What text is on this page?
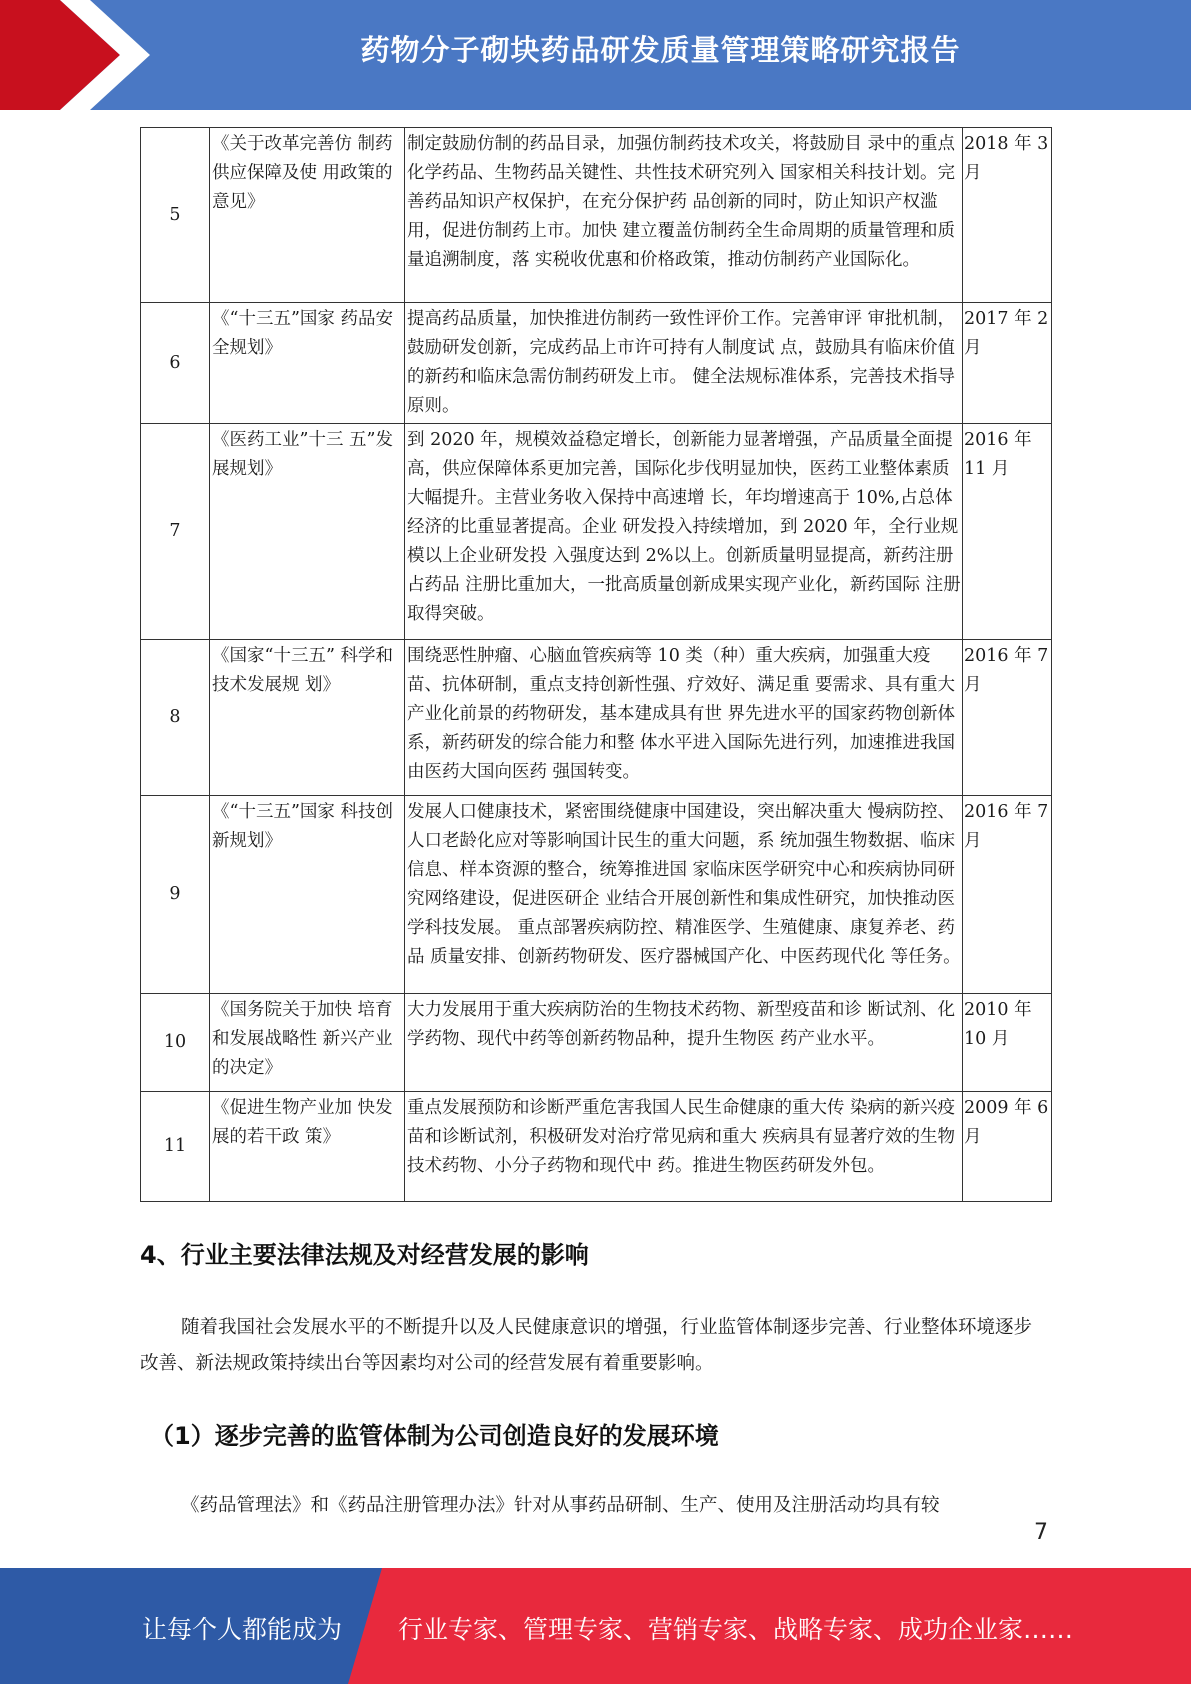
药物分子砌块药品研发质量管理策略研究报告
5	《关于改革完善仿 制药供应保障及使 用政策的意见》	制定鼓励仿制的药品目录，加强仿制药技术攻关，将鼓励目 录中的重点化学药品、生物药品关键性、共性技术研究列入 国家相关科技计划。完善药品知识产权保护，在充分保护药 品创新的同时，防止知识产权滥用，促进仿制药上市。加快 建立覆盖仿制药全生命周期的质量管理和质量追溯制度，落 实税收优惠和价格政策，推动仿制药产业国际化。	2018 年 3 月
6	《“十三五”国家 药品安全规划》	提高药品质量，加快推进仿制药一致性评价工作。完善审评 审批机制，鼓励研发创新，完成药品上市许可持有人制度试 点，鼓励具有临床价值的新药和临床急需仿制药研发上市。 健全法规标准体系，完善技术指导原则。	2017 年 2 月
7	《医药工业”十三 五”发展规划》	到 2020 年，规模效益稳定增长，创新能力显著增强，产品质量全面提高，供应保障体系更加完善，国际化步伐明显加快，医药工业整体素质大幅提升。主营业务收入保持中高速增 长，年均增速高于 10%,占总体经济的比重显著提高。企业 研发投入持续增加，到 2020 年，全行业规模以上企业研发投 入强度达到 2%以上。创新质量明显提高，新药注册占药品 注册比重加大，一批高质量创新成果实现产业化，新药国际 注册取得突破。	2016 年 11 月
8	《国家“十三五” 科学和技术发展规 划》	围绕恶性肿瘤、心脑血管疾病等 10 类（种）重大疾病，加强重大疫苗、抗体研制，重点支持创新性强、疗效好、满足重 要需求、具有重大产业化前景的药物研发，基本建成具有世 界先进水平的国家药物创新体系，新药研发的综合能力和整 体水平进入国际先进行列，加速推进我国由医药大国向医药 强国转变。	2016 年 7 月
9	《“十三五”国家 科技创新规划》	发展人口健康技术，紧密围绕健康中国建设，突出解决重大 慢病防控、人口老龄化应对等影响国计民生的重大问题，系 统加强生物数据、临床信息、样本资源的整合，统筹推进国 家临床医学研究中心和疾病协同研究网络建设，促进医研企 业结合开展创新性和集成性研究，加快推动医学科技发展。 重点部署疾病防控、精准医学、生殖健康、康复养老、药品 质量安排、创新药物研发、医疗器械国产化、中医药现代化 等任务。	2016 年 7 月
10	《国务院关于加快 培育和发展战略性 新兴产业的决定》	大力发展用于重大疾病防治的生物技术药物、新型疫苗和诊 断试剂、化学药物、现代中药等创新药物品种，提升生物医 药产业水平。	2010 年 10 月
11	《促进生物产业加 快发展的若干政 策》	重点发展预防和诊断严重危害我国人民生命健康的重大传 染病的新兴疫苗和诊断试剂，积极研发对治疗常见病和重大 疾病具有显著疗效的生物技术药物、小分子药物和现代中 药。推进生物医药研发外包。	2009 年 6 月
4、行业主要法律法规及对经营发展的影响
随着我国社会发展水平的不断提升以及人民健康意识的增强，行业监管体制逐步完善、行业整体环境逐步改善、新法规政策持续出台等因素均对公司的经营发展有着重要影响。
（1）逐步完善的监管体制为公司创造良好的发展环境
《药品管理法》和《药品注册管理办法》针对从事药品研制、生产、使用及注册活动均具有较
7
让每个人都能成为 行业专家、管理专家、营销专家、战略专家、成功企业家……
